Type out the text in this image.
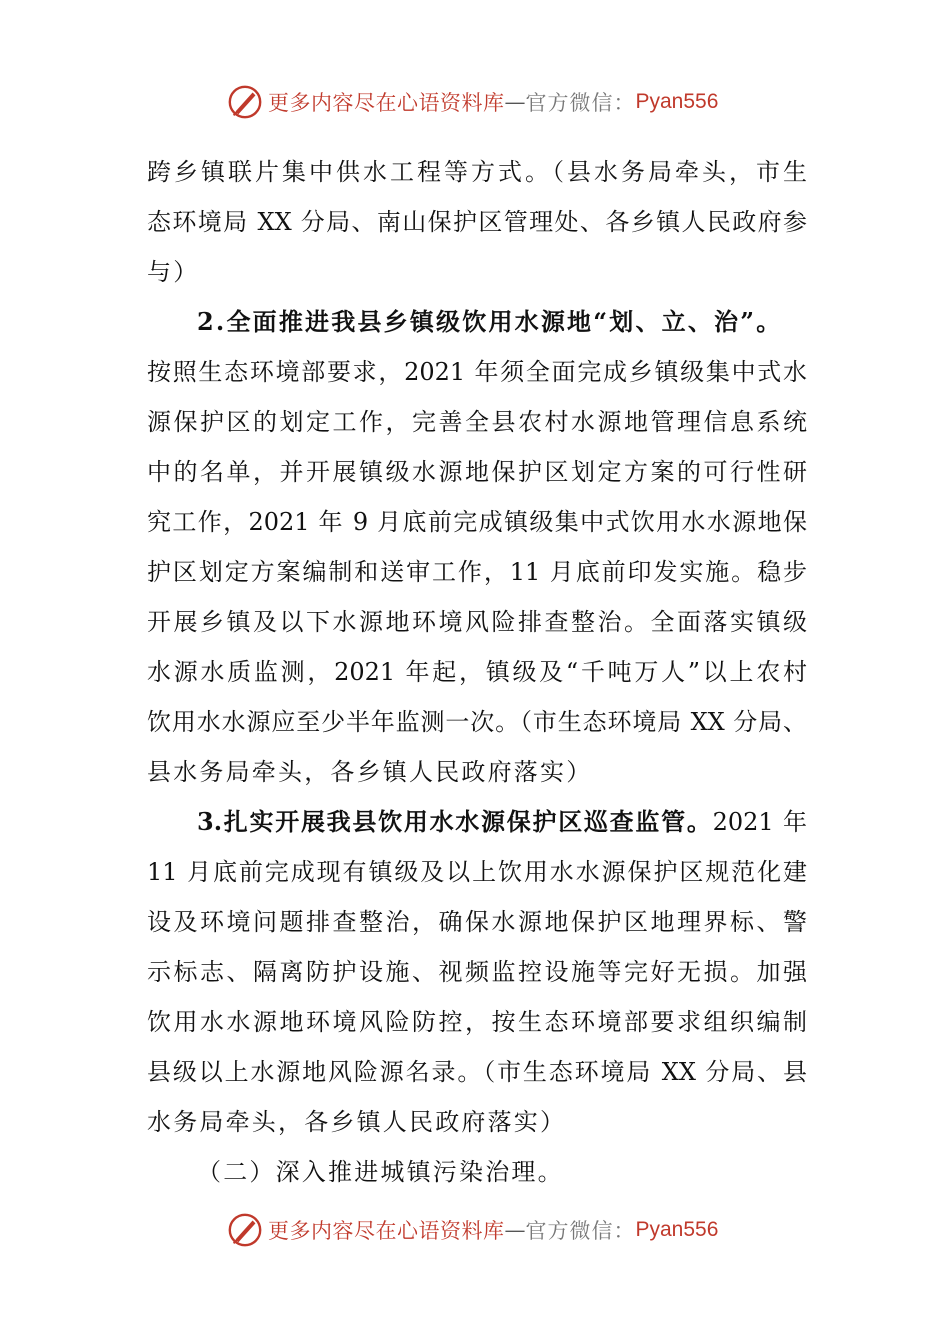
更多内容尽在心语资料库 — 官方微信： Pyan556
跨乡镇联片集中供水工程等方式。（县水务局牵头，市生
态环境局 XX 分局、南山保护区管理处、各乡镇人民政府参
与）
2.全面推进我县乡镇级饮用水源地“划、立、治”。
按照生态环境部要求，2021 年须全面完成乡镇级集中式水
源保护区的划定工作，完善全县农村水源地管理信息系统
中的名单，并开展镇级水源地保护区划定方案的可行性研
究工作，2021 年 9 月底前完成镇级集中式饮用水水源地保
护区划定方案编制和送审工作，11 月底前印发实施。稳步
开展乡镇及以下水源地环境风险排查整治。全面落实镇级
水源水质监测，2021 年起，镇级及“千吨万人”以上农村
饮用水水源应至少半年监测一次。（市生态环境局 XX 分局、
县水务局牵头，各乡镇人民政府落实）
3.扎实开展我县饮用水水源保护区巡查监管。2021 年
11 月底前完成现有镇级及以上饮用水水源保护区规范化建
设及环境问题排查整治，确保水源地保护区地理界标、警
示标志、隔离防护设施、视频监控设施等完好无损。加强
饮用水水源地环境风险防控，按生态环境部要求组织编制
县级以上水源地风险源名录。（市生态环境局 XX 分局、县
水务局牵头，各乡镇人民政府落实）
（二）深入推进城镇污染治理。
更多内容尽在心语资料库 — 官方微信： Pyan556
